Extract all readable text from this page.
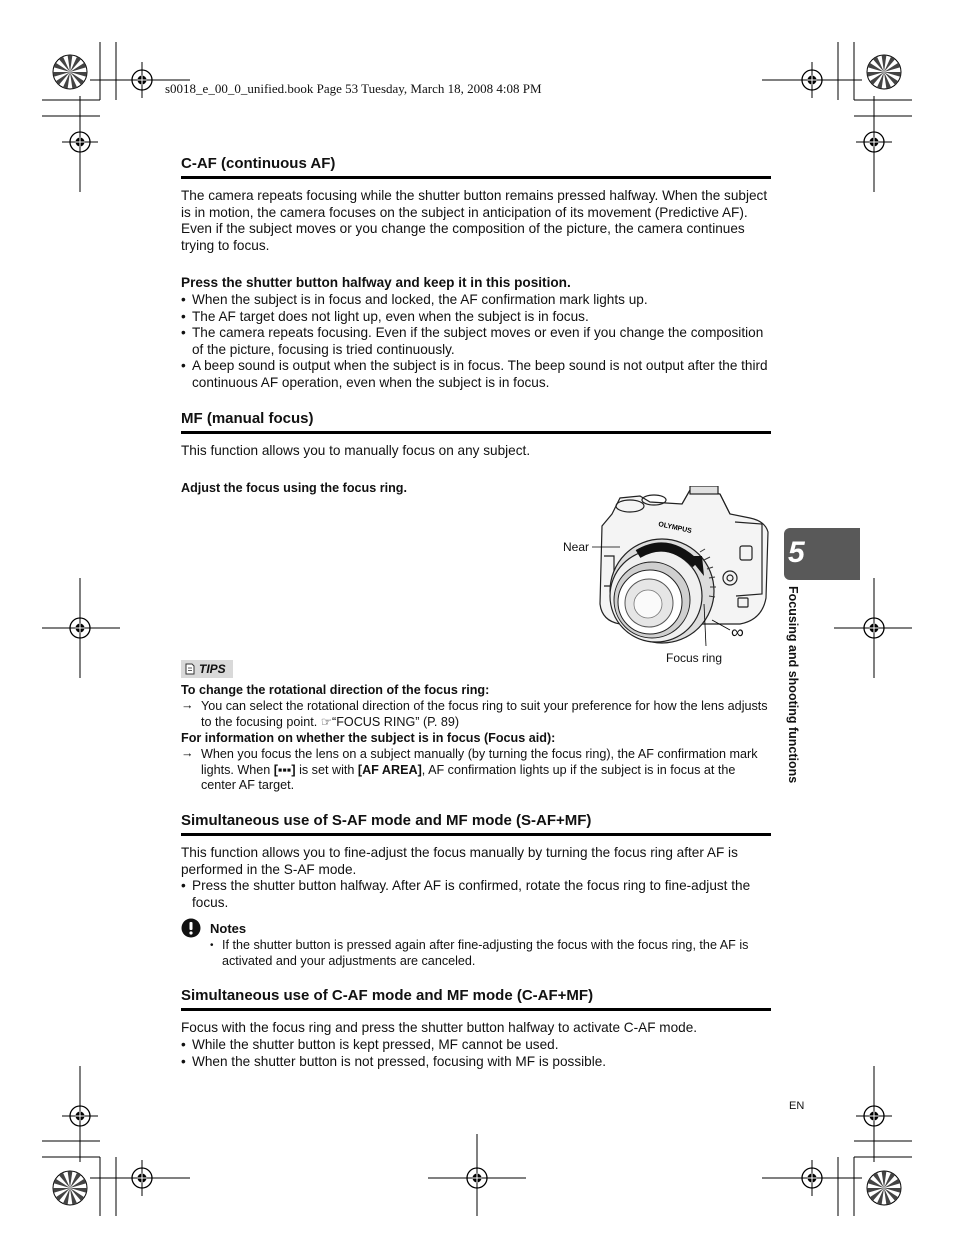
s0018_e_00_0_unified.book Page 53 Tuesday, March 18, 2008 4:08 PM
C-AF (continuous AF)

The camera repeats focusing while the shutter button remains pressed halfway. When the subject is in motion, the camera focuses on the subject in anticipation of its movement (Predictive AF). Even if the subject moves or you change the composition of the picture, the camera continues trying to focus.

Press the shutter button halfway and keep it in this position.

• When the subject is in focus and locked, the AF confirmation mark lights up.
• The AF target does not light up, even when the subject is in focus.
• The camera repeats focusing. Even if the subject moves or even if you change the composition of the picture, focusing is tried continuously.
• A beep sound is output when the subject is in focus. The beep sound is not output after the third continuous AF operation, even when the subject is in focus.
MF (manual focus)

This function allows you to manually focus on any subject.

Adjust the focus using the focus ring.

OLYMPUS
Near
∞
Focus ring
TIPS

To change the rotational direction of the focus ring:

→ You can select the rotational direction of the focus ring to suit your preference for how the lens adjusts to the focusing point. ☞“FOCUS RING” (P. 89)

For information on whether the subject is in focus (Focus aid):

→ When you focus the lens on a subject manually (by turning the focus ring), the AF confirmation mark lights. When [▪▪▪] is set with [AF AREA], AF confirmation lights up if the subject is in focus at the center AF target.
Simultaneous use of S-AF mode and MF mode (S-AF+MF)

This function allows you to fine-adjust the focus manually by turning the focus ring after AF is performed in the S-AF mode.

• Press the shutter button halfway. After AF is confirmed, rotate the focus ring to fine-adjust the focus.
Notes
• If the shutter button is pressed again after fine-adjusting the focus with the focus ring, the AF is activated and your adjustments are canceled.
Simultaneous use of C-AF mode and MF mode (C-AF+MF)

Focus with the focus ring and press the shutter button halfway to activate C-AF mode.

• While the shutter button is kept pressed, MF cannot be used.
• When the shutter button is not pressed, focusing with MF is possible.
5
Focusing and shooting functions
EN
